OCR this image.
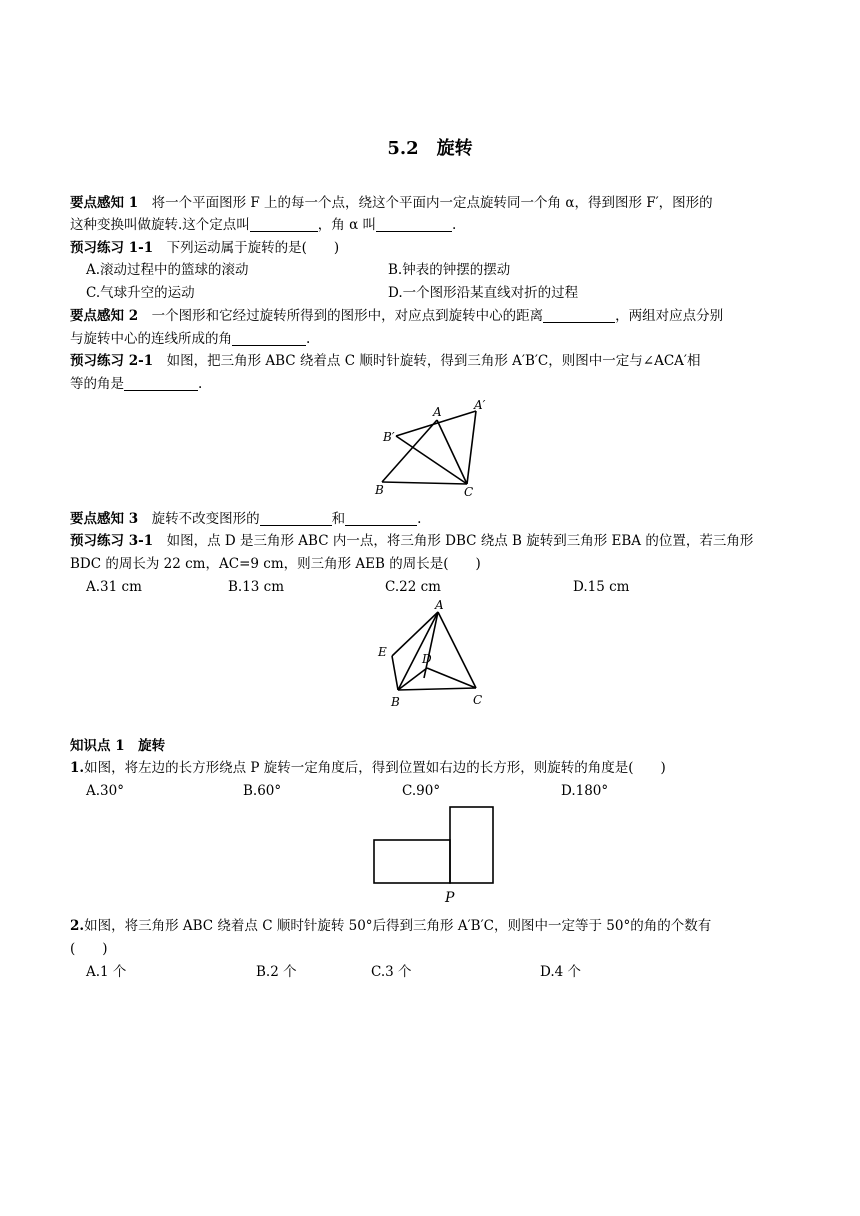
5.2　旋转
要点感知 1　将一个平面图形 F 上的每一个点，绕这个平面内一定点旋转同一个角 α，得到图形 F′，图形的
这种变换叫做旋转.这个定点叫	，角 α 叫	.
预习练习 1-1　下列运动属于旋转的是(　　)
A.滚动过程中的篮球的滚动	B.钟表的钟摆的摆动
C.气球升空的运动	D.一个图形沿某直线对折的过程
要点感知 2　一个图形和它经过旋转所得到的图形中，对应点到旋转中心的距离	，两组对应点分别
与旋转中心的连线所成的角	.
预习练习 2-1　如图，把三角形 ABC 绕着点 C 顺时针旋转，得到三角形 A′B′C，则图中一定与∠ACA′相
等的角是	.
A	A′
B′
B	C
要点感知 3　旋转不改变图形的	和	.
预习练习 3-1　如图，点 D 是三角形 ABC 内一点，将三角形 DBC 绕点 B 旋转到三角形 EBA 的位置，若三角形
BDC 的周长为 22 cm，AC=9 cm，则三角形 AEB 的周长是(　　)
A.31 cm	B.13 cm	C.22 cm	D.15 cm
A
E	D
B	C
知识点 1　旋转
1.如图，将左边的长方形绕点 P 旋转一定角度后，得到位置如右边的长方形，则旋转的角度是(　　)
A.30°	B.60°	C.90°	D.180°
P
2.如图，将三角形 ABC 绕着点 C 顺时针旋转 50°后得到三角形 A′B′C，则图中一定等于 50°的角的个数有
(　　)
A.1 个	B.2 个	C.3 个	D.4 个
